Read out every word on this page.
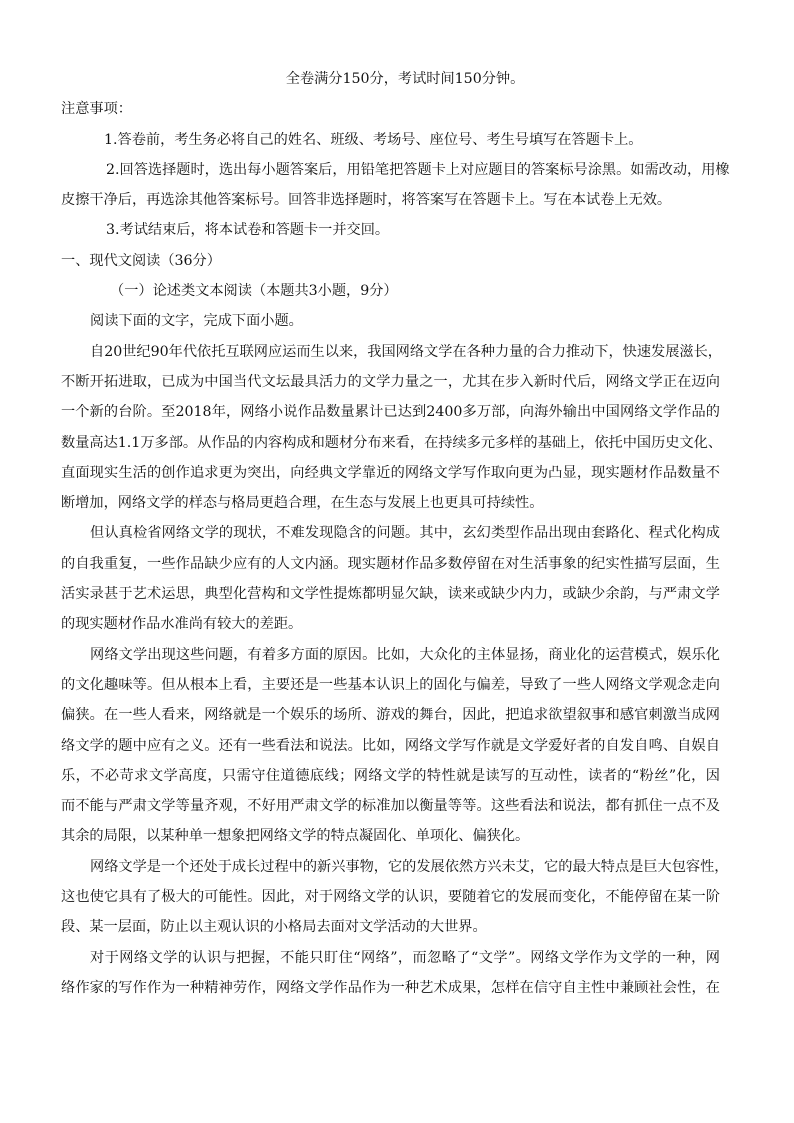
全卷满分150分，考试时间150分钟。
注意事项：
1.答卷前，考生务必将自己的姓名、班级、考场号、座位号、考生号填写在答题卡上。
2.回答选择题时，选出每小题答案后，用铅笔把答题卡上对应题目的答案标号涂黑。如需改动，用橡
皮擦干净后，再选涂其他答案标号。回答非选择题时，将答案写在答题卡上。写在本试卷上无效。
3.考试结束后，将本试卷和答题卡一并交回。
一、现代文阅读（36分）
（一）论述类文本阅读（本题共3小题，9分）
阅读下面的文字，完成下面小题。
自20世纪90年代依托互联网应运而生以来，我国网络文学在各种力量的合力推动下，快速发展滋长，
不断开拓进取，已成为中国当代文坛最具活力的文学力量之一，尤其在步入新时代后，网络文学正在迈向
一个新的台阶。至2018年，网络小说作品数量累计已达到2400多万部，向海外输出中国网络文学作品的
数量高达1.1万多部。从作品的内容构成和题材分布来看，在持续多元多样的基础上，依托中国历史文化、
直面现实生活的创作追求更为突出，向经典文学靠近的网络文学写作取向更为凸显，现实题材作品数量不
断增加，网络文学的样态与格局更趋合理，在生态与发展上也更具可持续性。
但认真检省网络文学的现状，不难发现隐含的问题。其中，玄幻类型作品出现由套路化、程式化构成
的自我重复，一些作品缺少应有的人文内涵。现实题材作品多数停留在对生活事象的纪实性描写层面，生
活实录甚于艺术运思，典型化营构和文学性提炼都明显欠缺，读来或缺少内力，或缺少余韵，与严肃文学
的现实题材作品水准尚有较大的差距。
网络文学出现这些问题，有着多方面的原因。比如，大众化的主体显扬，商业化的运营模式，娱乐化
的文化趣味等。但从根本上看，主要还是一些基本认识上的固化与偏差，导致了一些人网络文学观念走向
偏狭。在一些人看来，网络就是一个娱乐的场所、游戏的舞台，因此，把追求欲望叙事和感官刺激当成网
络文学的题中应有之义。还有一些看法和说法。比如，网络文学写作就是文学爱好者的自发自鸣、自娱自
乐，不必苛求文学高度，只需守住道德底线；网络文学的特性就是读写的互动性，读者的“粉丝”化，因
而不能与严肃文学等量齐观，不好用严肃文学的标准加以衡量等等。这些看法和说法，都有抓住一点不及
其余的局限，以某种单一想象把网络文学的特点凝固化、单项化、偏狭化。
网络文学是一个还处于成长过程中的新兴事物，它的发展依然方兴未艾，它的最大特点是巨大包容性，
这也使它具有了极大的可能性。因此，对于网络文学的认识，要随着它的发展而变化，不能停留在某一阶
段、某一层面，防止以主观认识的小格局去面对文学活动的大世界。
对于网络文学的认识与把握，不能只盯住“网络”，而忽略了“文学”。网络文学作为文学的一种，网
络作家的写作作为一种精神劳作，网络文学作品作为一种艺术成果，怎样在信守自主性中兼顾社会性，在
